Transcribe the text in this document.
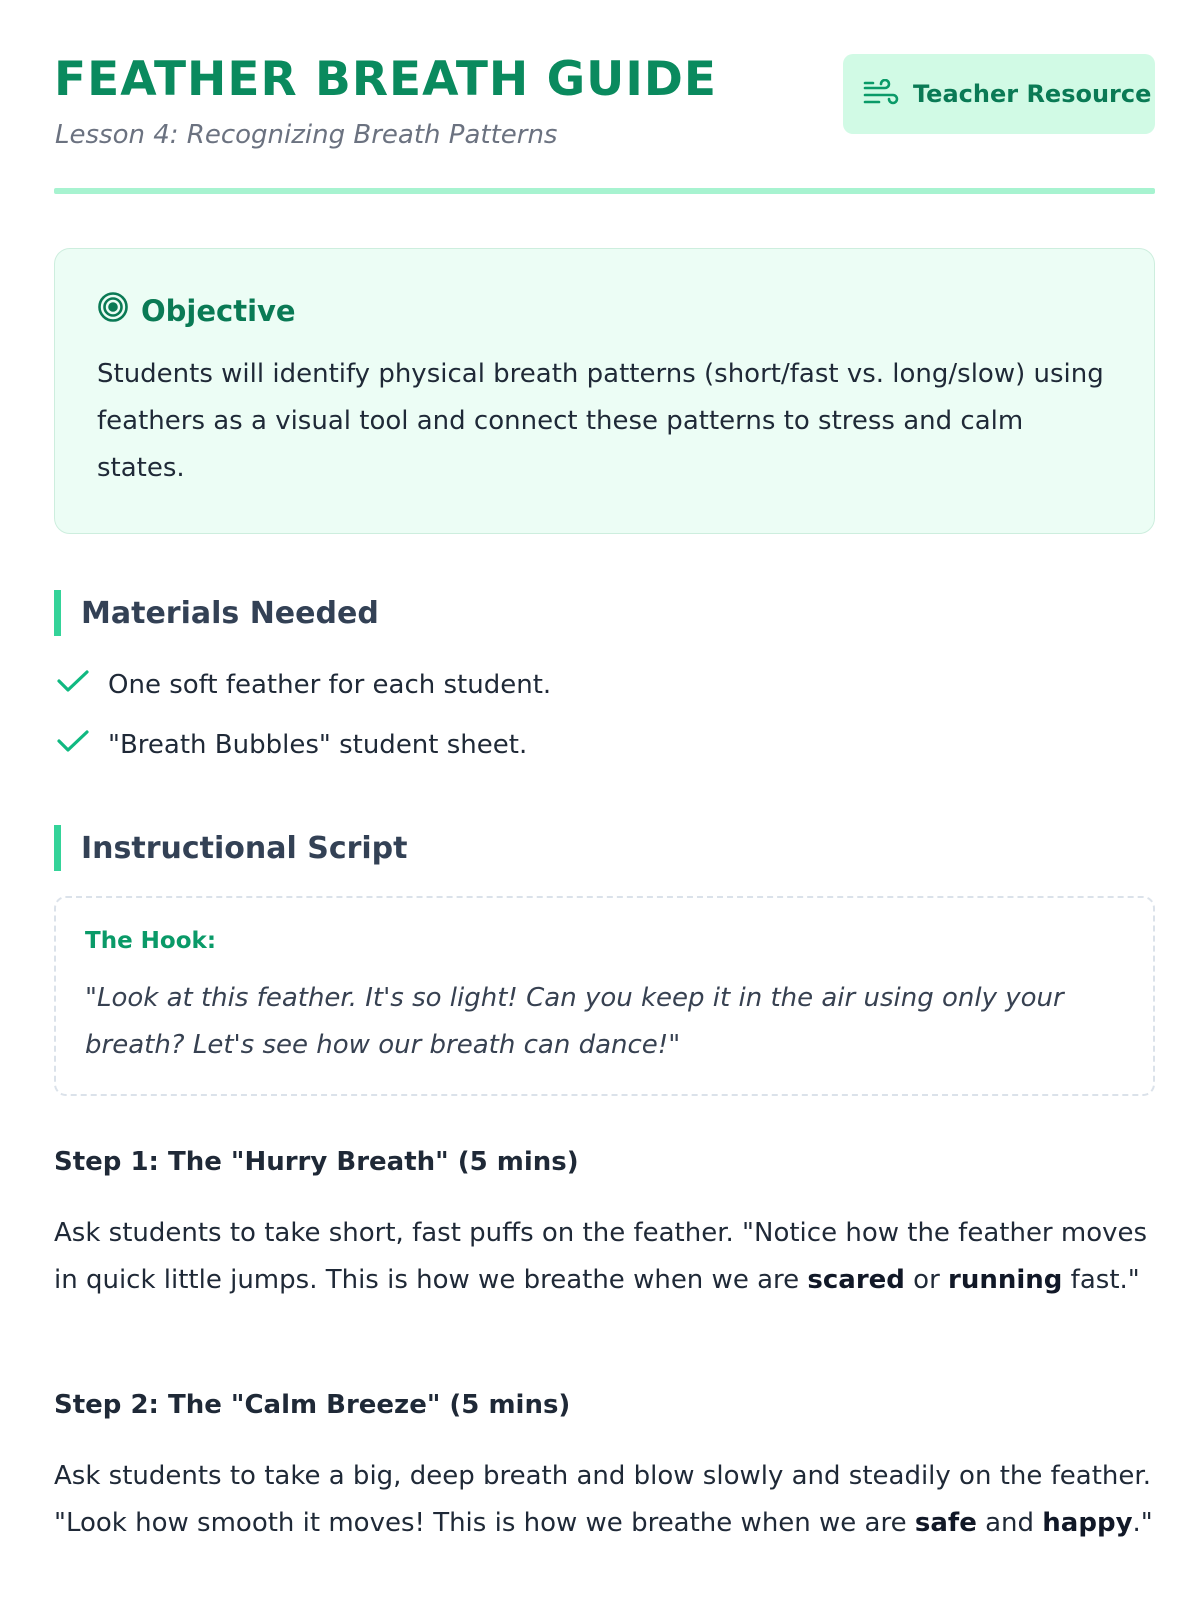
FEATHER BREATH GUIDE
Lesson 4: Recognizing Breath Patterns
Teacher Resource
Objective
Students will identify physical breath patterns (short/fast vs. long/slow) using feathers as a visual tool and connect these patterns to stress and calm states.
Materials Needed
One soft feather for each student.
"Breath Bubbles" student sheet.
Instructional Script
The Hook:
"Look at this feather. It's so light! Can you keep it in the air using only your breath? Let's see how our breath can dance!"
Step 1: The "Hurry Breath" (5 mins)
Ask students to take short, fast puffs on the feather. "Notice how the feather moves in quick little jumps. This is how we breathe when we are scared or running fast."
Step 2: The "Calm Breeze" (5 mins)
Ask students to take a big, deep breath and blow slowly and steadily on the feather. "Look how smooth it moves! This is how we breathe when we are safe and happy."
